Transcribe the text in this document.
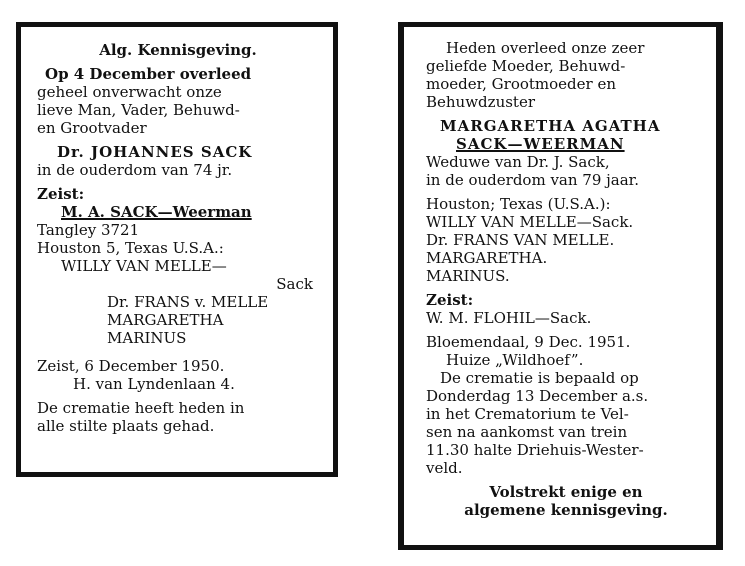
Alg. Kennisgeving.
Op 4 December overleed
geheel onverwacht onze
lieve Man, Vader, Behuwd-
en Grootvader
Dr. JOHANNES SACK
in de ouderdom van 74 jr.
Zeist:
M. A. SACK—Weerman
Tangley 3721
Houston 5, Texas U.S.A.:
WILLY VAN MELLE—
Sack
Dr. FRANS v. MELLE
MARGARETHA
MARINUS
Zeist, 6 December 1950.
H. van Lyndenlaan 4.
De crematie heeft heden in
alle stilte plaats gehad.
Heden overleed onze zeer
geliefde Moeder, Behuwd-
moeder, Grootmoeder en
Behuwdzuster
MARGARETHA AGATHA
SACK—WEERMAN
Weduwe van Dr. J. Sack,
in de ouderdom van 79 jaar.
Houston; Texas (U.S.A.):
WILLY VAN MELLE—Sack.
Dr. FRANS VAN MELLE.
MARGARETHA.
MARINUS.
Zeist:
W. M. FLOHIL—Sack.
Bloemendaal, 9 Dec. 1951.
Huize „Wildhoef”.
De crematie is bepaald op
Donderdag 13 December a.s.
in het Crematorium te Vel-
sen na aankomst van trein
11.30 halte Driehuis-Wester-
veld.
Volstrekt enige en
algemene kennisgeving.
